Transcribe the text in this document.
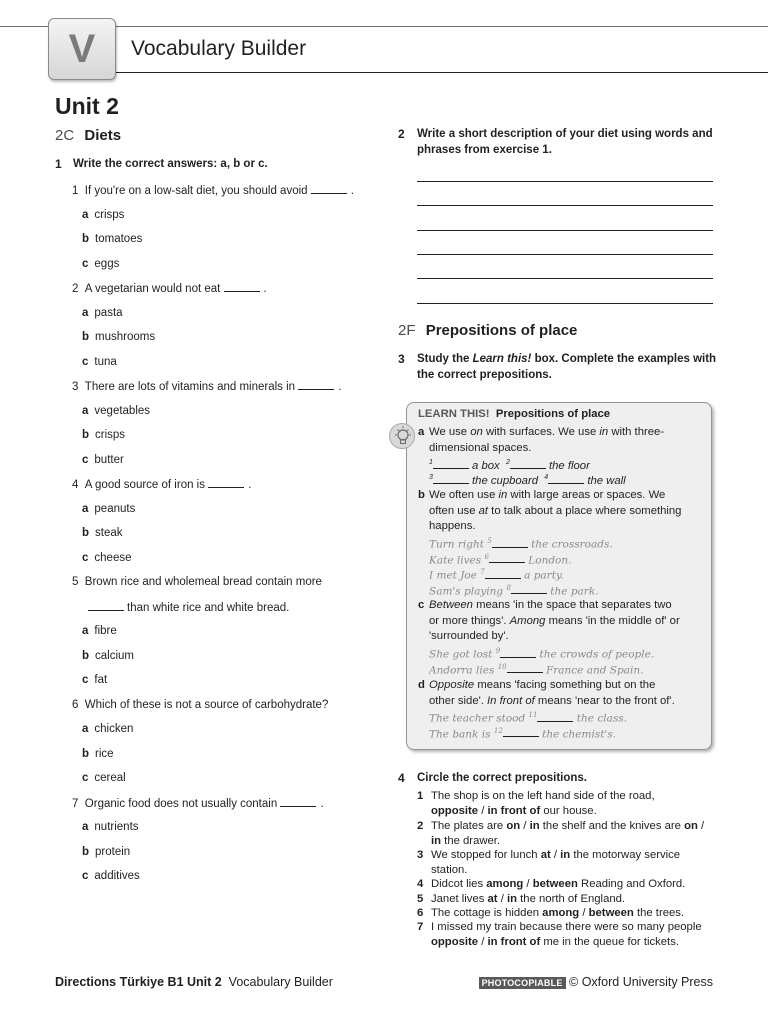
V Vocabulary Builder
Unit 2
2C Diets
1 Write the correct answers: a, b or c.
1 If you're on a low-salt diet, you should avoid	.
a crisps
b tomatoes
c eggs
2 A vegetarian would not eat	.
a pasta
b mushrooms
c tuna
3 There are lots of vitamins and minerals in	.
a vegetables
b crisps
c butter
4 A good source of iron is	.
a peanuts
b steak
c cheese
5 Brown rice and wholemeal bread contain more
than white rice and white bread.
a fibre
b calcium
c fat
6 Which of these is not a source of carbohydrate?
a chicken
b rice
c cereal
7 Organic food does not usually contain	.
a nutrients
b protein
c additives
2 Write a short description of your diet using words and
phrases from exercise 1.
2F Prepositions of place
3 Study the Learn this! box. Complete the examples with
the correct prepositions.
LEARN THIS! Prepositions of place
a We use on with surfaces. We use in with three-
dimensional spaces.
$^1$	a box $^2$	the floor
$^3$	the cupboard $^4$	the wall
b We often use in with large areas or spaces. We
often use at to talk about a place where something
happens.
Turn right $^5$	the crossroads.
Kate lives $^6$	London.
I met Joe $^7$	a party.
Sam's playing $^8$	the park.
c Between means 'in the space that separates two
or more things'. Among means 'in the middle of' or
'surrounded by'.
She got lost $^9$	the crowds of people.
Andorra lies $^{10}$	France and Spain.
d Opposite means 'facing something but on the
other side'. In front of means 'near to the front of'.
The teacher stood $^{11}$	the class.
The bank is $^{12}$	the chemist's.
4 Circle the correct prepositions.
1 The shop is on the left hand side of the road,
opposite / in front of our house.
2 The plates are on / in the shelf and the knives are on /
in the drawer.
3 We stopped for lunch at / in the motorway service
station.
4 Didcot lies among / between Reading and Oxford.
5 Janet lives at / in the north of England.
6 The cottage is hidden among / between the trees.
7 I missed my train because there were so many people
opposite / in front of me in the queue for tickets.
Directions Türkiye B1 Unit 2 Vocabulary Builder	PHOTOCOPIABLE © Oxford University Press
